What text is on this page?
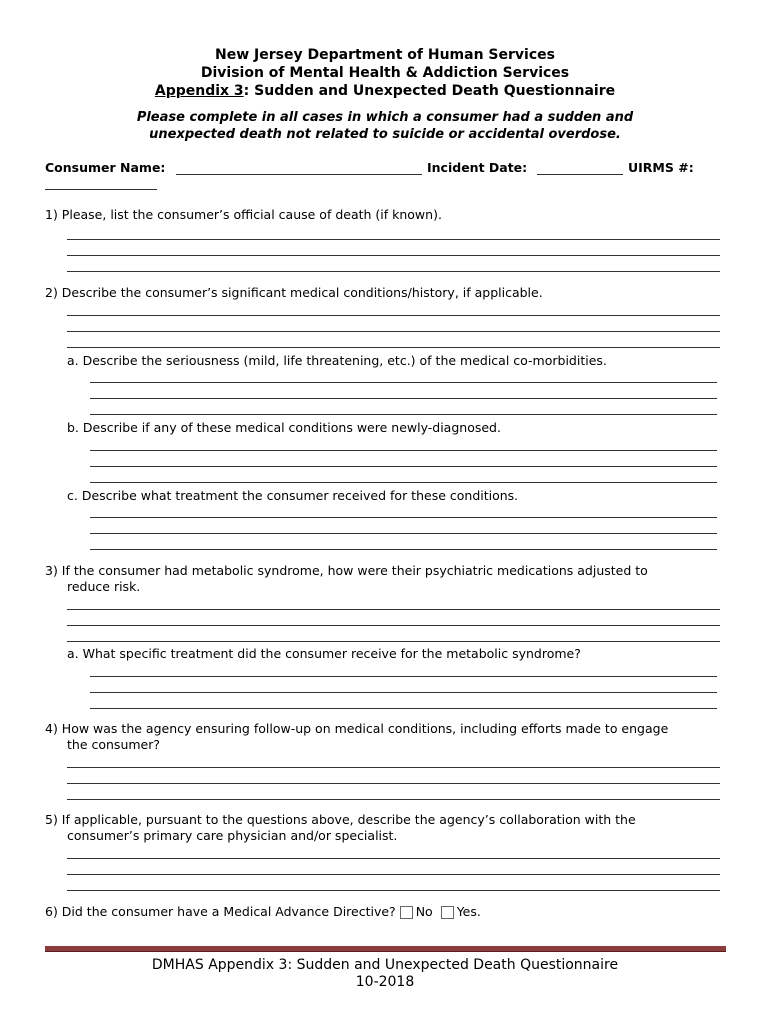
New Jersey Department of Human Services
Division of Mental Health & Addiction Services
Appendix 3: Sudden and Unexpected Death Questionnaire
Please complete in all cases in which a consumer had a sudden and
unexpected death not related to suicide or accidental overdose.
Consumer Name:	Incident Date:	UIRMS #:
1) Please, list the consumer’s official cause of death (if known).
2) Describe the consumer’s significant medical conditions/history, if applicable.
a. Describe the seriousness (mild, life threatening, etc.) of the medical co-morbidities.
b. Describe if any of these medical conditions were newly-diagnosed.
c. Describe what treatment the consumer received for these conditions.
3) If the consumer had metabolic syndrome, how were their psychiatric medications adjusted to
reduce risk.
a. What specific treatment did the consumer receive for the metabolic syndrome?
4) How was the agency ensuring follow-up on medical conditions, including efforts made to engage
the consumer?
5) If applicable, pursuant to the questions above, describe the agency’s collaboration with the
consumer’s primary care physician and/or specialist.
6) Did the consumer have a Medical Advance Directive? No Yes.
DMHAS Appendix 3: Sudden and Unexpected Death Questionnaire
10-2018
